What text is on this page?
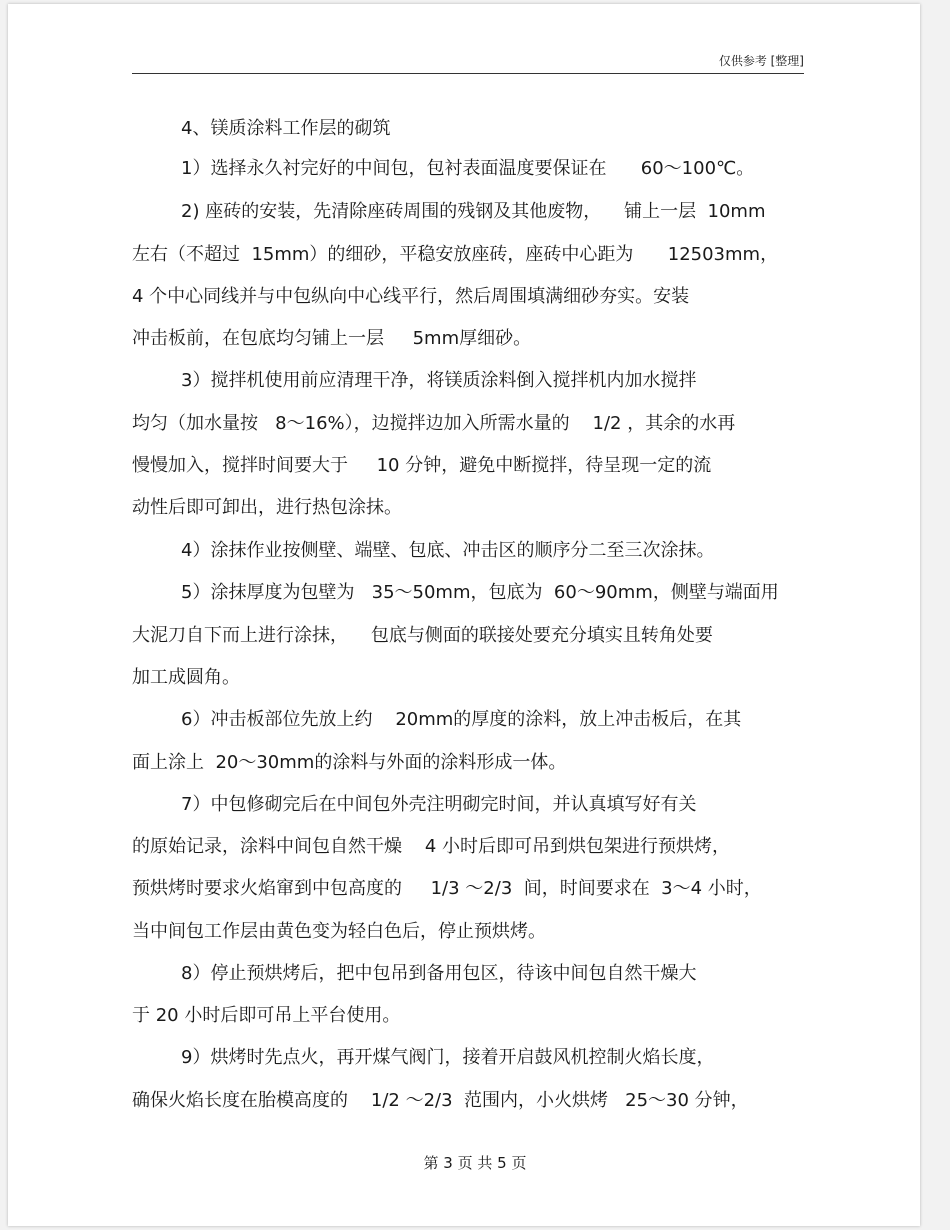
仅供参考 [整理]
4、镁质涂料工作层的砌筑
1）选择永久衬完好的中间包，包衬表面温度要保证在      60～100℃。
2) 座砖的安装，先清除座砖周围的残钢及其他废物，    铺上一层  10mm
左右（不超过  15mm）的细砂，平稳安放座砖，座砖中心距为      12503mm，
4 个中心同线并与中包纵向中心线平行，然后周围填满细砂夯实。安装
冲击板前，在包底均匀铺上一层     5mm厚细砂。
3）搅拌机使用前应清理干净，将镁质涂料倒入搅拌机内加水搅拌
均匀（加水量按   8～16%），边搅拌边加入所需水量的    1/2 ，其余的水再
慢慢加入，搅拌时间要大于     10 分钟，避免中断搅拌，待呈现一定的流
动性后即可卸出，进行热包涂抹。
4）涂抹作业按侧壁、端壁、包底、冲击区的顺序分二至三次涂抹。
5）涂抹厚度为包壁为   35～50mm，包底为  60～90mm，侧壁与端面用
大泥刀自下而上进行涂抹，    包底与侧面的联接处要充分填实且转角处要
加工成圆角。
6）冲击板部位先放上约    20mm的厚度的涂料，放上冲击板后，在其
面上涂上  20～30mm的涂料与外面的涂料形成一体。
7）中包修砌完后在中间包外壳注明砌完时间，并认真填写好有关
的原始记录，涂料中间包自然干燥    4 小时后即可吊到烘包架进行预烘烤，
预烘烤时要求火焰窜到中包高度的     1/3 ～2/3  间，时间要求在  3～4 小时，
当中间包工作层由黄色变为轻白色后，停止预烘烤。
8）停止预烘烤后，把中包吊到备用包区，待该中间包自然干燥大
于 20 小时后即可吊上平台使用。
9）烘烤时先点火，再开煤气阀门，接着开启鼓风机控制火焰长度，
确保火焰长度在胎模高度的    1/2 ～2/3  范围内，小火烘烤   25～30 分钟，
第 3 页 共 5 页
